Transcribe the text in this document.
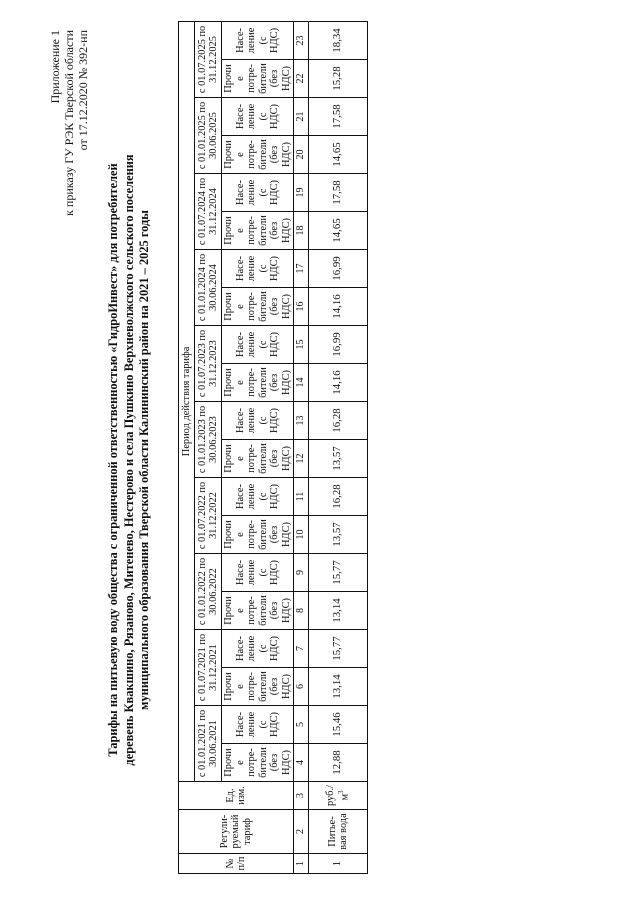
Приложение 1 к приказу ГУ РЭК Тверской области от 17.12.2020 № 392-нп
Тарифы на питьевую воду общества с ограниченной ответственностью «ГидроИнвест» для потребителей деревень Квакшино, Рязаново, Митенево, Нестерово и села Пушкино Верхневолжского сельского поселения муниципального образования Тверской области Калининский район на 2021 – 2025 годы
№ п/п	Регули-руемый тариф	Ед. изм.	Период действия тарифа																			
			с 01.01.2021 по 30.06.2021		с 01.07.2021 по 31.12.2021		с 01.01.2022 по 30.06.2022		с 01.07.2022 по 31.12.2022		с 01.01.2023 по 30.06.2023		с 01.07.2023 по 31.12.2023		с 01.01.2024 по 30.06.2024		с 01.07.2024 по 31.12.2024		с 01.01.2025 по 30.06.2025		с 01.07.2025 по 31.12.2025	
			Прочие потре-бители (без НДС)	Насе-ление (с НДС)	Прочие потре-бители (без НДС)	Насе-ление (с НДС)	Прочие потре-бители (без НДС)	Насе-ление (с НДС)	Прочие потре-бители (без НДС)	Насе-ление (с НДС)	Прочие потре-бители (без НДС)	Насе-ление (с НДС)	Прочие потре-бители (без НДС)	Насе-ление (с НДС)	Прочие потре-бители (без НДС)	Насе-ление (с НДС)	Прочие потре-бители (без НДС)	Насе-ление (с НДС)	Прочие потре-бители (без НДС)	Насе-ление (с НДС)	Прочие потре-бители (без НДС)	Насе-ление (с НДС)
1	2	3	4	5	6	7	8	9	10	11	12	13	14	15	16	17	18	19	20	21	22	23
1	Питье-вая вода	$руб./м^3$	12,88	15,46	13,14	15,77	13,14	15,77	13,57	16,28	13,57	16,28	14,16	16,99	14,16	16,99	14,65	17,58	14,65	17,58	15,28	18,34
